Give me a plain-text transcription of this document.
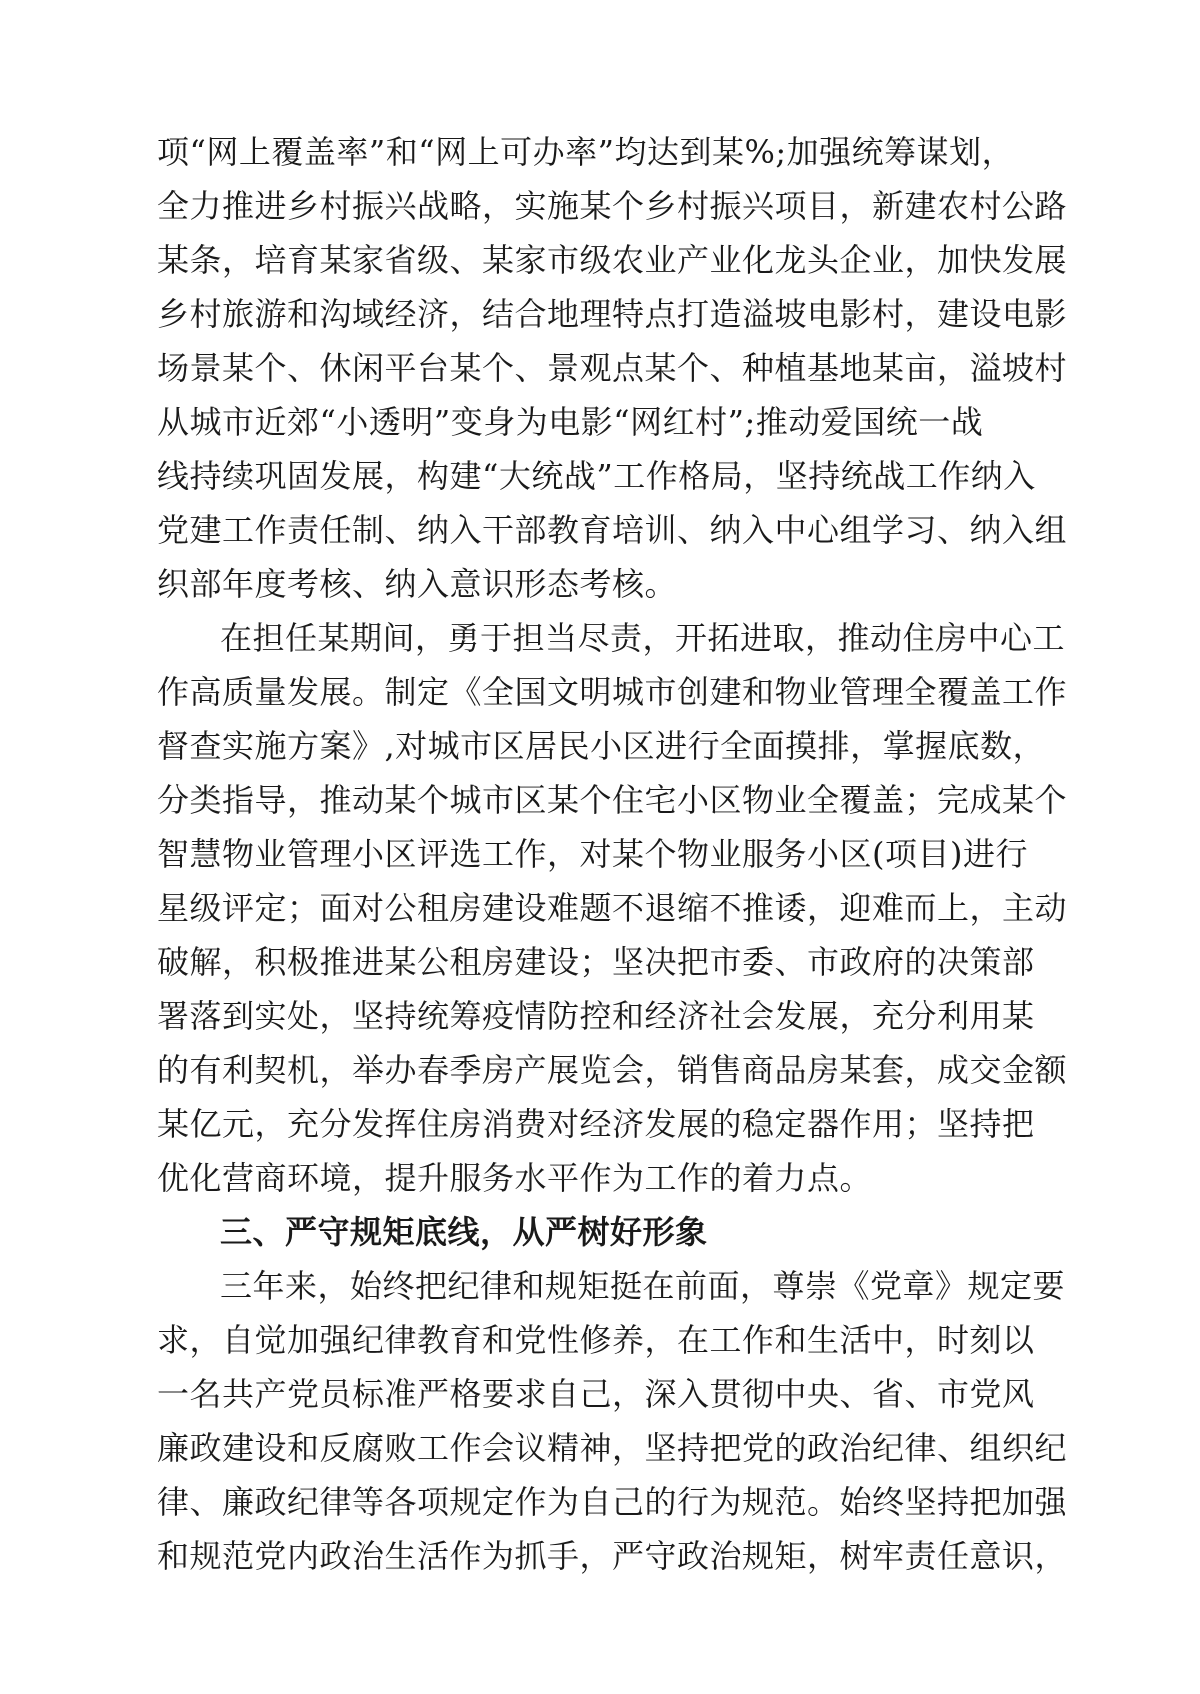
项“网上覆盖率”和“网上可办率”均达到某%;加强统筹谋划，
全力推进乡村振兴战略，实施某个乡村振兴项目，新建农村公路
某条，培育某家省级、某家市级农业产业化龙头企业，加快发展
乡村旅游和沟域经济，结合地理特点打造溢坡电影村，建设电影
场景某个、休闲平台某个、景观点某个、种植基地某亩，溢坡村
从城市近郊“小透明”变身为电影“网红村”;推动爱国统一战
线持续巩固发展，构建“大统战”工作格局，坚持统战工作纳入
党建工作责任制、纳入干部教育培训、纳入中心组学习、纳入组
织部年度考核、纳入意识形态考核。
在担任某期间，勇于担当尽责，开拓进取，推动住房中心工
作高质量发展。制定《全国文明城市创建和物业管理全覆盖工作
督查实施方案》,对城市区居民小区进行全面摸排，掌握底数，
分类指导，推动某个城市区某个住宅小区物业全覆盖；完成某个
智慧物业管理小区评选工作，对某个物业服务小区(项目)进行
星级评定；面对公租房建设难题不退缩不推诿，迎难而上，主动
破解，积极推进某公租房建设；坚决把市委、市政府的决策部
署落到实处，坚持统筹疫情防控和经济社会发展，充分利用某
的有利契机，举办春季房产展览会，销售商品房某套，成交金额
某亿元，充分发挥住房消费对经济发展的稳定器作用；坚持把
优化营商环境，提升服务水平作为工作的着力点。
三、严守规矩底线，从严树好形象
三年来，始终把纪律和规矩挺在前面，尊崇《党章》规定要
求，自觉加强纪律教育和党性修养，在工作和生活中，时刻以
一名共产党员标准严格要求自己，深入贯彻中央、省、市党风
廉政建设和反腐败工作会议精神，坚持把党的政治纪律、组织纪
律、廉政纪律等各项规定作为自己的行为规范。始终坚持把加强
和规范党内政治生活作为抓手，严守政治规矩，树牢责任意识，
